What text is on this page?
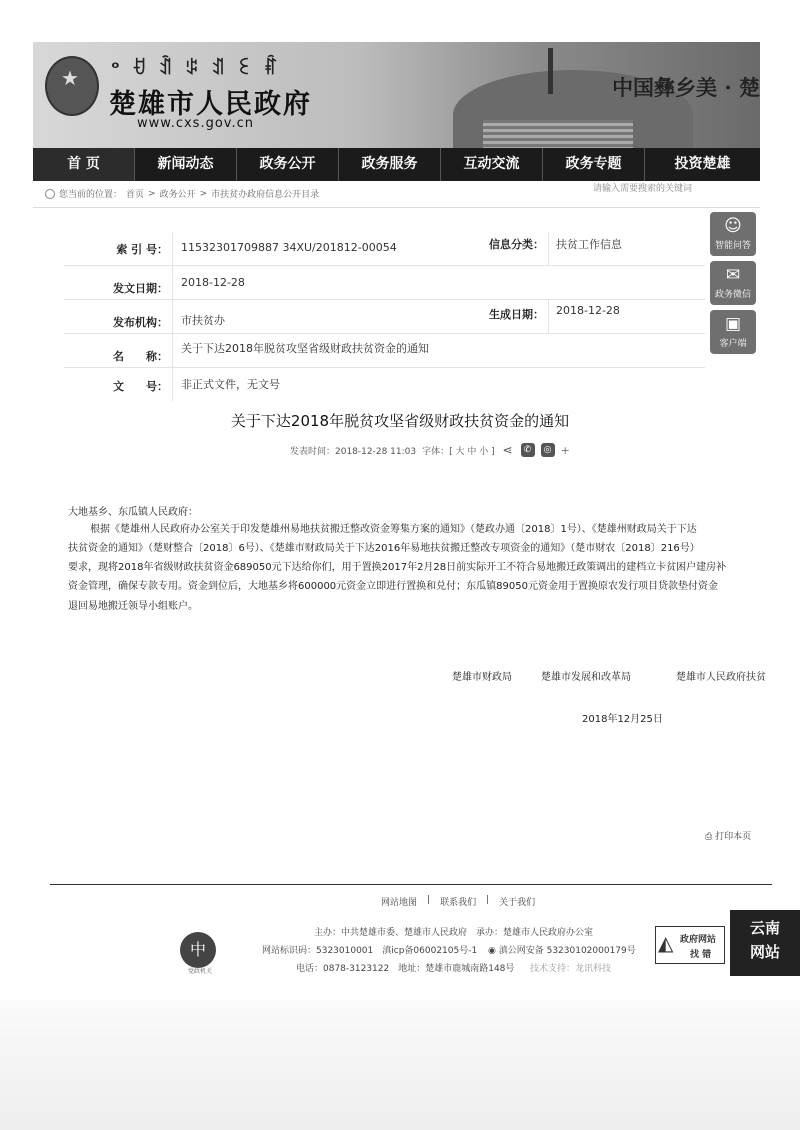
★ ᵒ ꀀ ꀉ ꌒ ꀊ ꏂ ꐤ
楚雄市人民政府
www.cxs.gov.cn
中国彝乡美 · 楚
首 页	新闻动态	政务公开	政务服务	互动交流	政务专题	投资楚雄
您当前的位置： 首页 > 政务公开 > 市扶贫办政府信息公开目录
请输入需要搜索的关键词
索 引 号： 11532301709887 34XU/201812-00054	信息分类： 扶贫工作信息
发文日期： 2018-12-28
发布机构： 市扶贫办	生成日期： 2018-12-28
名　　称：
关于下达2018年脱贫攻坚省级财政扶贫资金的通知
文　　号： 非正式文件，无文号
☺
智能问答
✉
政务微信
▣
客户端
关于下达2018年脱贫攻坚省级财政扶贫资金的通知
发表时间：2018-12-28 11:03 字体：[ 大 中 小 ] ⋖	✆	◎ +
大地基乡、东瓜镇人民政府：
根据《楚雄州人民政府办公室关于印发楚雄州易地扶贫搬迁整改资金筹集方案的通知》（楚政办通〔2018〕1号）、《楚雄州财政局关于下达
扶贫资金的通知》（楚财整合〔2018〕6号）、《楚雄市财政局关于下达2016年易地扶贫搬迁整改专项资金的通知》（楚市财农〔2018〕216号）
要求，现将2018年省级财政扶贫资金689050元下达给你们，用于置换2017年2月28日前实际开工不符合易地搬迁政策调出的建档立卡贫困户建房补
资金管理，确保专款专用。资金到位后，大地基乡将600000元资金立即进行置换和兑付；东瓜镇89050元资金用于置换原农发行项目贷款垫付资金
退回易地搬迁领导小组账户。
楚雄市财政局	楚雄市发展和改革局	楚雄市人民政府扶贫
2018年12月25日
⎙ 打印本页
网站地图 | 联系我们 | 关于我们
主办：中共楚雄市委、楚雄市人民政府　承办：楚雄市人民政府办公室
网站标识码：5323010001　滇icp备06002105号-1 ◉ 滇公网安备 53230102000179号
电话：0878-3123122　地址：楚雄市鹿城南路148号 技术支持：龙讯科技
中
党政机关
◭ 政府网站
找 错
云南
网站
